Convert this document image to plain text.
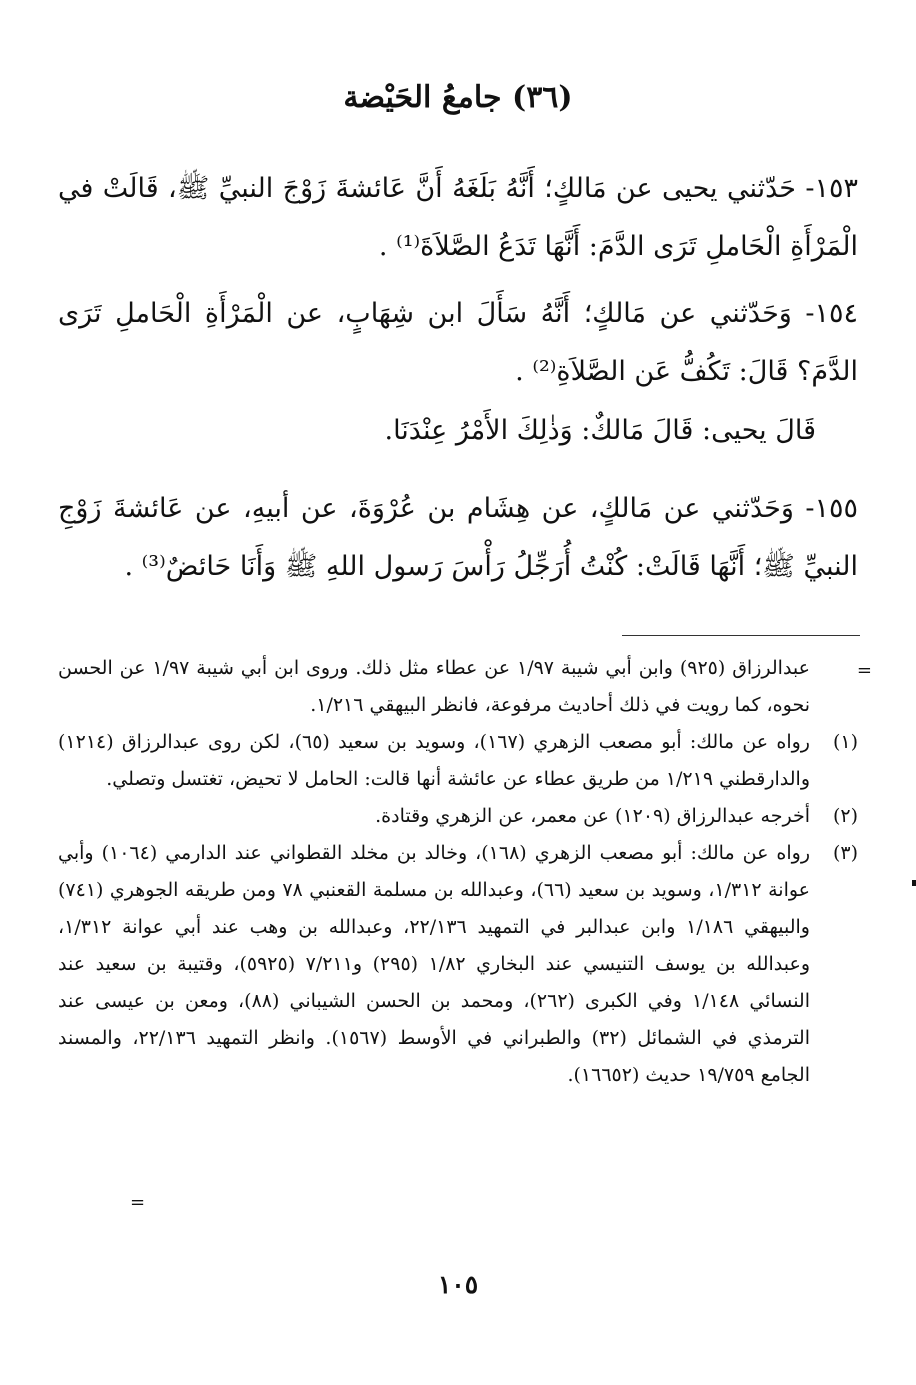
(٣٦) جامعُ الحَيْضة
١٥٣- حَدّثني يحيى عن مَالكٍ؛ أَنَّهُ بَلَغَهُ أَنَّ عَائشةَ زَوْجَ النبيِّ ﷺ، قَالَتْ في الْمَرْأَةِ الْحَاملِ تَرَى الدَّمَ: أَنَّهَا تَدَعُ الصَّلاَةَ⁽¹⁾ .
١٥٤- وَحَدّثني عن مَالكٍ؛ أَنَّهُ سَأَلَ ابن شِهَابٍ، عن الْمَرْأَةِ الْحَاملِ تَرَى الدَّمَ؟ قَالَ: تَكُفُّ عَن الصَّلاَةِ⁽²⁾ .
قَالَ يحيى: قَالَ مَالكٌ: وَذٰلِكَ الأَمْرُ عِنْدَنَا.
١٥٥- وَحَدّثني عن مَالكٍ، عن هِشَام بن عُرْوَةَ، عن أبيهِ، عن عَائشةَ زَوْجِ النبيِّ ﷺ؛ أَنَّهَا قَالَتْ: كُنْتُ أُرَجِّلُ رَأْسَ رَسول اللهِ ﷺ وَأَنَا حَائضٌ⁽³⁾ .
=
عبدالرزاق (٩٢٥) وابن أبي شيبة ١/٩٧ عن عطاء مثل ذلك. وروى ابن أبي شيبة ١/٩٧ عن الحسن نحوه، كما رويت في ذلك أحاديث مرفوعة، فانظر البيهقي ١/٢١٦.
(١)
رواه عن مالك: أبو مصعب الزهري (١٦٧)، وسويد بن سعيد (٦٥)، لكن روى عبدالرزاق (١٢١٤) والدارقطني ١/٢١٩ من طريق عطاء عن عائشة أنها قالت: الحامل لا تحيض، تغتسل وتصلي.
(٢)
أخرجه عبدالرزاق (١٢٠٩) عن معمر، عن الزهري وقتادة.
(٣)
رواه عن مالك: أبو مصعب الزهري (١٦٨)، وخالد بن مخلد القطواني عند الدارمي (١٠٦٤) وأبي عوانة ١/٣١٢، وسويد بن سعيد (٦٦)، وعبدالله بن مسلمة القعنبي ٧٨ ومن طريقه الجوهري (٧٤١) والبيهقي ١/١٨٦ وابن عبدالبر في التمهيد ٢٢/١٣٦، وعبدالله بن وهب عند أبي عوانة ١/٣١٢، وعبدالله بن يوسف التنيسي عند البخاري ١/٨٢ (٢٩٥) و٧/٢١١ (٥٩٢٥)، وقتيبة بن سعيد عند النسائي ١/١٤٨ وفي الكبرى (٢٦٢)، ومحمد بن الحسن الشيباني (٨٨)، ومعن بن عيسى عند الترمذي في الشمائل (٣٢) والطبراني في الأوسط (١٥٦٧). وانظر التمهيد ٢٢/١٣٦، والمسند الجامع ١٩/٧٥٩ حديث (١٦٦٥٢).
=
١٠٥
